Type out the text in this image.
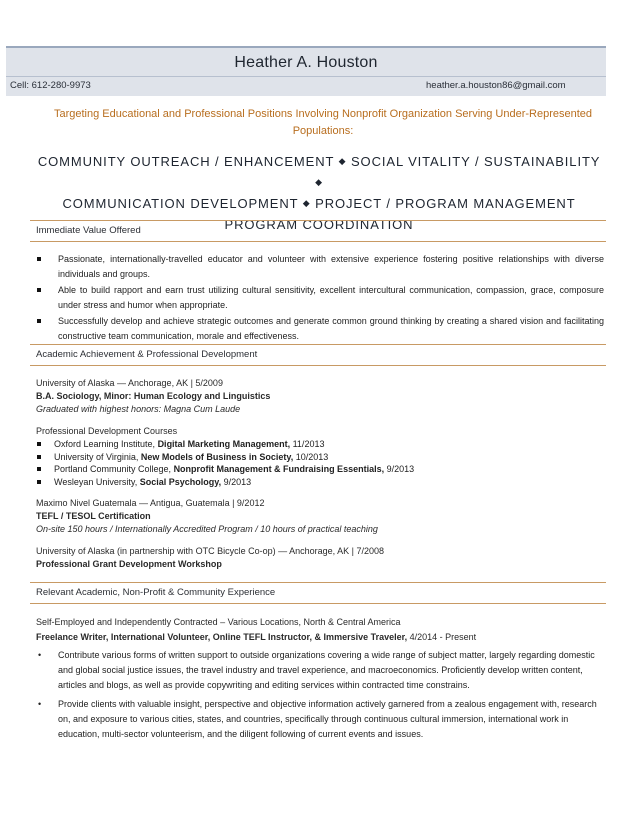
Heather A. Houston
Cell: 612-280-9973	heather.a.houston86@gmail.com
Targeting Educational and Professional Positions Involving Nonprofit Organization Serving Under-Represented Populations:
COMMUNITY OUTREACH / ENHANCEMENT ◆ SOCIAL VITALITY / SUSTAINABILITY ◆
COMMUNICATION DEVELOPMENT ◆ PROJECT / PROGRAM MANAGEMENT
PROGRAM COORDINATION
Immediate Value Offered
Passionate, internationally-travelled educator and volunteer with extensive experience fostering positive relationships with diverse individuals and groups.
Able to build rapport and earn trust utilizing cultural sensitivity, excellent intercultural communication, compassion, grace, composure under stress and humor when appropriate.
Successfully develop and achieve strategic outcomes and generate common ground thinking by creating a shared vision and facilitating constructive team communication, morale and effectiveness.
Academic Achievement & Professional Development
University of Alaska — Anchorage, AK | 5/2009
B.A. Sociology, Minor: Human Ecology and Linguistics
Graduated with highest honors: Magna Cum Laude
Professional Development Courses
Oxford Learning Institute, Digital Marketing Management, 11/2013
University of Virginia, New Models of Business in Society, 10/2013
Portland Community College, Nonprofit Management & Fundraising Essentials, 9/2013
Wesleyan University, Social Psychology, 9/2013
Maximo Nivel Guatemala — Antigua, Guatemala | 9/2012
TEFL / TESOL Certification
On-site 150 hours / Internationally Accredited Program / 10 hours of practical teaching
University of Alaska (in partnership with OTC Bicycle Co-op) — Anchorage, AK | 7/2008
Professional Grant Development Workshop
Relevant Academic, Non-Profit & Community Experience
Self-Employed and Independently Contracted – Various Locations, North & Central America
Freelance Writer, International Volunteer, Online TEFL Instructor, & Immersive Traveler, 4/2014 - Present
• Contribute various forms of written support to outside organizations covering a wide range of subject matter, largely regarding domestic and global social justice issues, the travel industry and travel experience, and macroeconomics. Proficiently develop written content, articles and blogs, as well as provide copywriting and editing services within contracted time constrains.
• Provide clients with valuable insight, perspective and objective information actively garnered from a zealous engagement with, research on, and exposure to various cities, states, and countries, specifically through continuous cultural immersion, international work in education, multi-sector volunteerism, and the diligent following of current events and issues.
